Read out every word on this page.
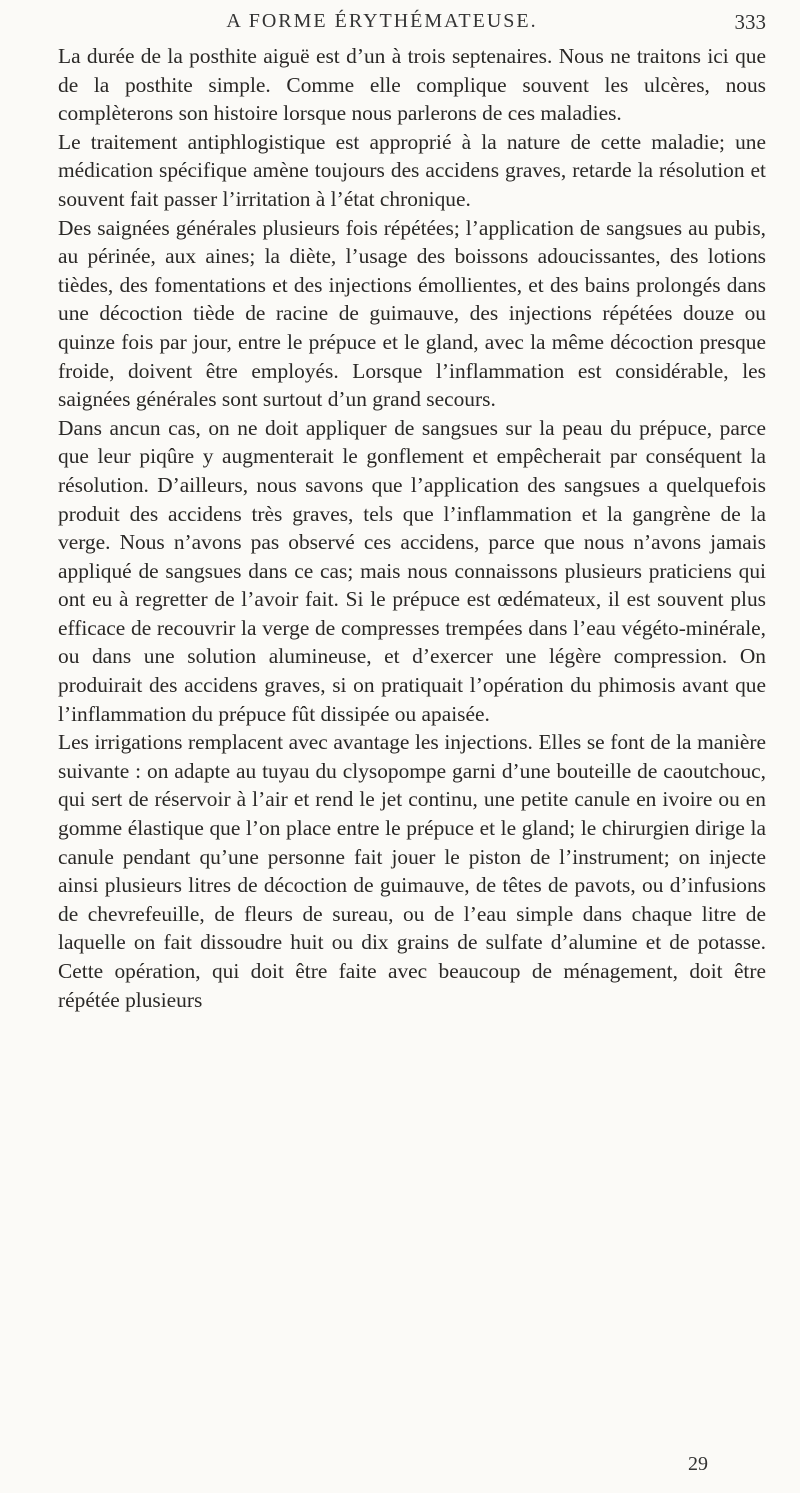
A FORME ÉRYTHÉMATEUSE.	333

La durée de la posthite aiguë est d’un à trois septenaires. Nous ne traitons ici que de la posthite simple. Comme elle complique souvent les ulcères, nous complèterons son histoire lorsque nous parlerons de ces maladies.

Le traitement antiphlogistique est approprié à la nature de cette maladie; une médication spécifique amène toujours des accidens graves, retarde la résolution et souvent fait passer l’irritation à l’état chronique.

Des saignées générales plusieurs fois répétées; l’application de sangsues au pubis, au périnée, aux aines; la diète, l’usage des boissons adoucissantes, des lotions tièdes, des fomentations et des injections émollientes, et des bains prolongés dans une décoction tiède de racine de guimauve, des injections répétées douze ou quinze fois par jour, entre le prépuce et le gland, avec la même décoction presque froide, doivent être employés. Lorsque l’inflammation est considérable, les saignées générales sont surtout d’un grand secours.

Dans ancun cas, on ne doit appliquer de sangsues sur la peau du prépuce, parce que leur piqûre y augmenterait le gonflement et empêcherait par conséquent la résolution. D’ailleurs, nous savons que l’application des sangsues a quelquefois produit des accidens très graves, tels que l’inflammation et la gangrène de la verge. Nous n’avons pas observé ces accidens, parce que nous n’avons jamais appliqué de sangsues dans ce cas; mais nous connaissons plusieurs praticiens qui ont eu à regretter de l’avoir fait. Si le prépuce est œdémateux, il est souvent plus efficace de recouvrir la verge de compresses trempées dans l’eau végéto-minérale, ou dans une solution alumineuse, et d’exercer une légère compression. On produirait des accidens graves, si on pratiquait l’opération du phimosis avant que l’inflammation du prépuce fût dissipée ou apaisée.

Les irrigations remplacent avec avantage les injections. Elles se font de la manière suivante : on adapte au tuyau du clysopompe garni d’une bouteille de caoutchouc, qui sert de réservoir à l’air et rend le jet continu, une petite canule en ivoire ou en gomme élastique que l’on place entre le prépuce et le gland; le chirurgien dirige la canule pendant qu’une personne fait jouer le piston de l’instrument; on injecte ainsi plusieurs litres de décoction de guimauve, de têtes de pavots, ou d’infusions de chevrefeuille, de fleurs de sureau, ou de l’eau simple dans chaque litre de laquelle on fait dissoudre huit ou dix grains de sulfate d’alumine et de potasse. Cette opération, qui doit être faite avec beaucoup de ménagement, doit être répétée plusieurs

29
